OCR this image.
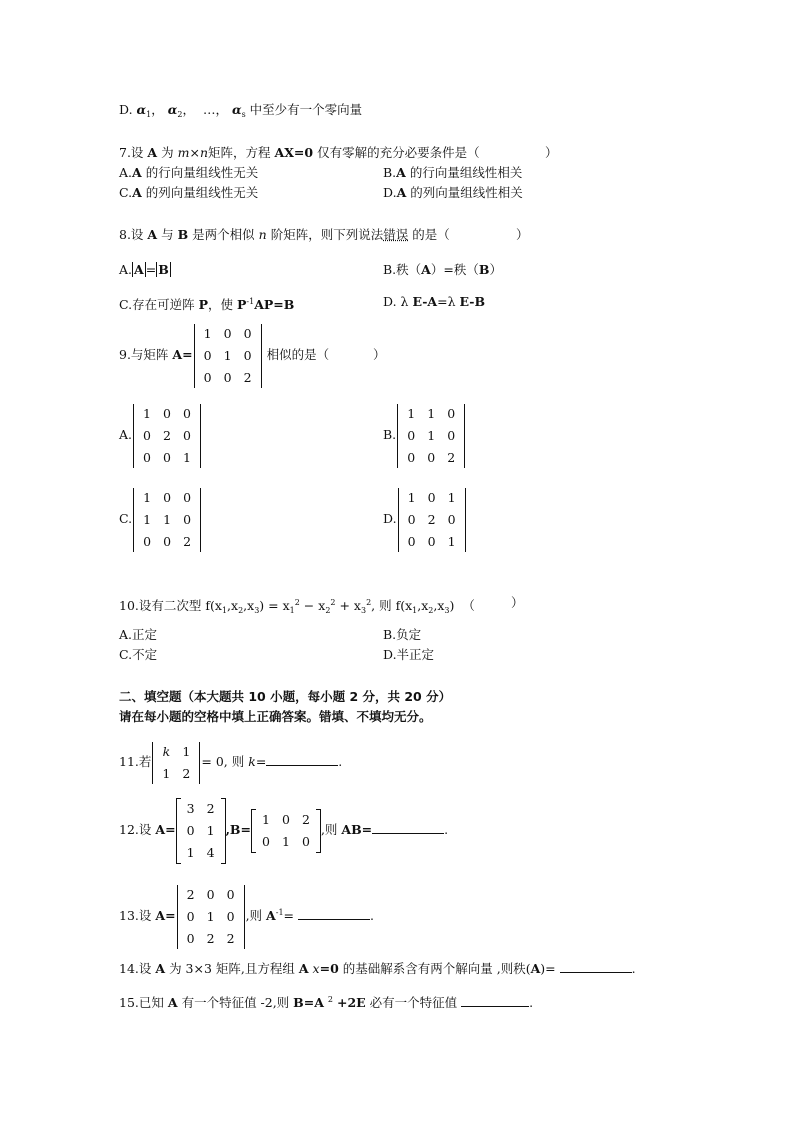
D. $\alpha_1$， $\alpha_2$， …， $\alpha_s$ 中至少有一个零向量
7.设 A 为 m×n矩阵，方程 AX=0 仅有零解的充分必要条件是（	）
A.A 的行向量组线性无关	B.A 的行向量组线性相关
C.A 的列向量组线性无关	D.A 的列向量组线性相关
8.设 A 与 B 是两个相似 n 阶矩阵，则下列说法错误 的是（	）
A. A = B	B.秩（A）=秩（B）
C.存在可逆阵 P，使 $P^{-1}AP=B$	D. λ E-A=λ E-B
9.与矩阵 A=
1 0 0
0 1 0
0 0 2
相似的是（	）
A.
1 0 0
0 2 0
0 0 1
B.
1 1 0
0 1 0
0 0 2
C.
1 0 0
1 1 0
0 0 2
D.
1 0 1
0 2 0
0 0 1
10.设有二次型 $f(x_1,x_2,x_3) = x_1^2 - x_2^2 + x_3^2$, 则 $f(x_1,x_2,x_3)$ （	）
A.正定	B.负定
C.不定	D.半正定
二、填空题（本大题共 10 小题，每小题 2 分，共 20 分）
请在每小题的空格中填上正确答案。错填、不填均无分。
11.若
k 1
1 2
= 0, 则 k=	.
12.设 A=
3 2
0 1
1 4
,B=
1 0 2
0 1 0
,则 AB=	.
13.设 A=
2 0 0
0 1 0
0 2 2
,则 $A^{-1}=$	.
14.设 A 为 3×3 矩阵,且方程组 A x=0 的基础解系含有两个解向量 ,则秩(A)=	.
15.已知 A 有一个特征值 -2,则 B=A $^2$ +2E 必有一个特征值	.
